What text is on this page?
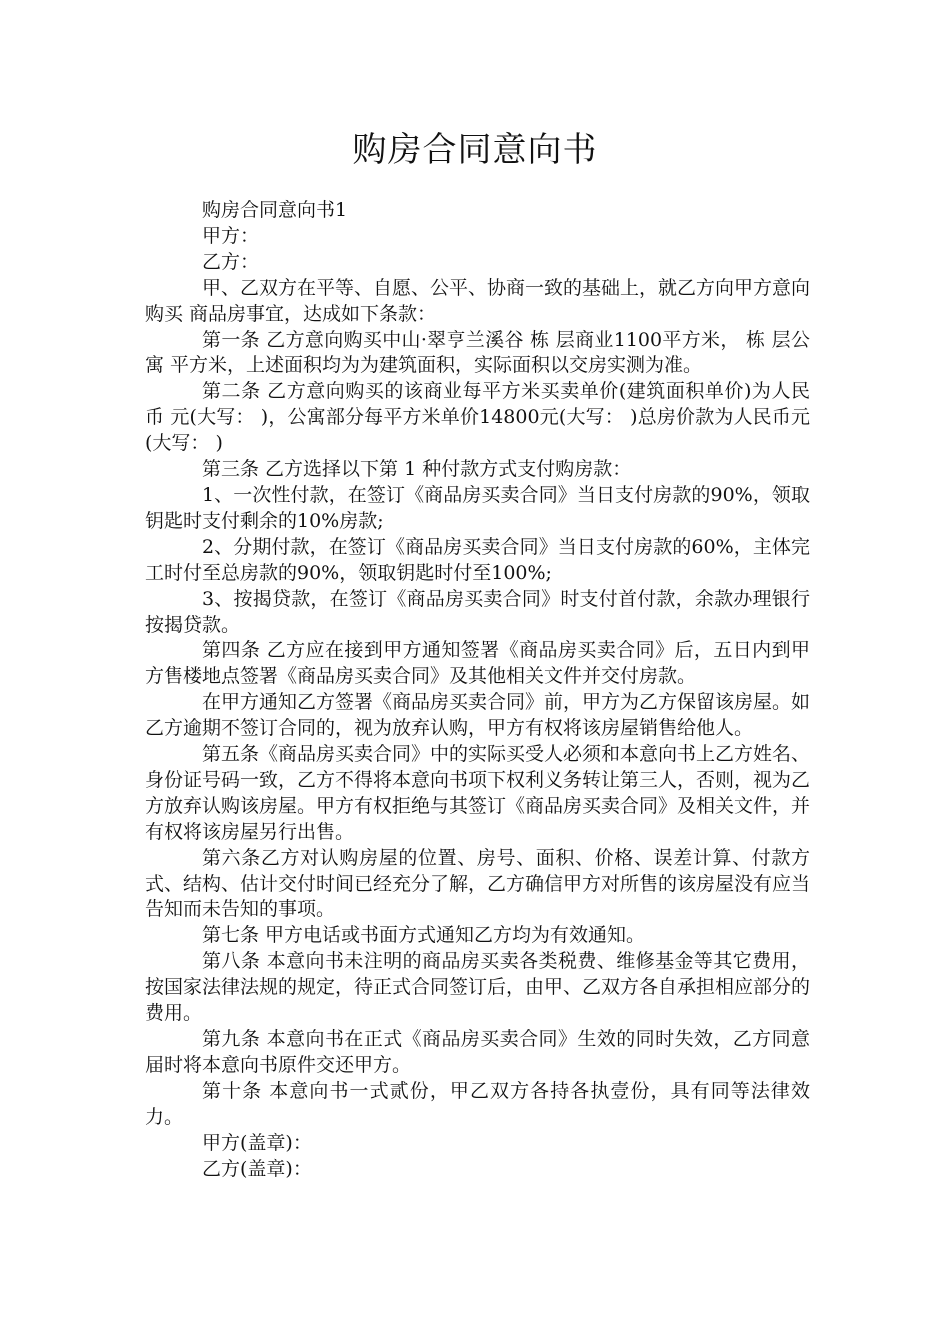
购房合同意向书

购房合同意向书1

甲方：

乙方：

甲、乙双方在平等、自愿、公平、协商一致的基础上，就乙方向甲方意向购买 商品房事宜，达成如下条款：

第一条 乙方意向购买中山·翠亨兰溪谷 栋 层商业1100平方米， 栋 层公寓 平方米，上述面积均为为建筑面积，实际面积以交房实测为准。

第二条 乙方意向购买的该商业每平方米买卖单价(建筑面积单价)为人民币 元(大写： )，公寓部分每平方米单价14800元(大写： )总房价款为人民币元(大写： )

第三条 乙方选择以下第 1 种付款方式支付购房款：

1、一次性付款，在签订《商品房买卖合同》当日支付房款的90%，领取钥匙时支付剩余的10%房款;

2、分期付款，在签订《商品房买卖合同》当日支付房款的60%，主体完工时付至总房款的90%，领取钥匙时付至100%;

3、按揭贷款，在签订《商品房买卖合同》时支付首付款，余款办理银行按揭贷款。

第四条 乙方应在接到甲方通知签署《商品房买卖合同》后，五日内到甲方售楼地点签署《商品房买卖合同》及其他相关文件并交付房款。

在甲方通知乙方签署《商品房买卖合同》前，甲方为乙方保留该房屋。如乙方逾期不签订合同的，视为放弃认购，甲方有权将该房屋销售给他人。

第五条《商品房买卖合同》中的实际买受人必须和本意向书上乙方姓名、身份证号码一致，乙方不得将本意向书项下权利义务转让第三人，否则，视为乙方放弃认购该房屋。甲方有权拒绝与其签订《商品房买卖合同》及相关文件，并有权将该房屋另行出售。

第六条乙方对认购房屋的位置、房号、面积、价格、误差计算、付款方式、结构、估计交付时间已经充分了解，乙方确信甲方对所售的该房屋没有应当告知而未告知的事项。

第七条 甲方电话或书面方式通知乙方均为有效通知。

第八条 本意向书未注明的商品房买卖各类税费、维修基金等其它费用，按国家法律法规的规定，待正式合同签订后，由甲、乙双方各自承担相应部分的费用。

第九条 本意向书在正式《商品房买卖合同》生效的同时失效，乙方同意届时将本意向书原件交还甲方。

第十条 本意向书一式贰份，甲乙双方各持各执壹份，具有同等法律效力。

甲方(盖章)：

乙方(盖章)：
